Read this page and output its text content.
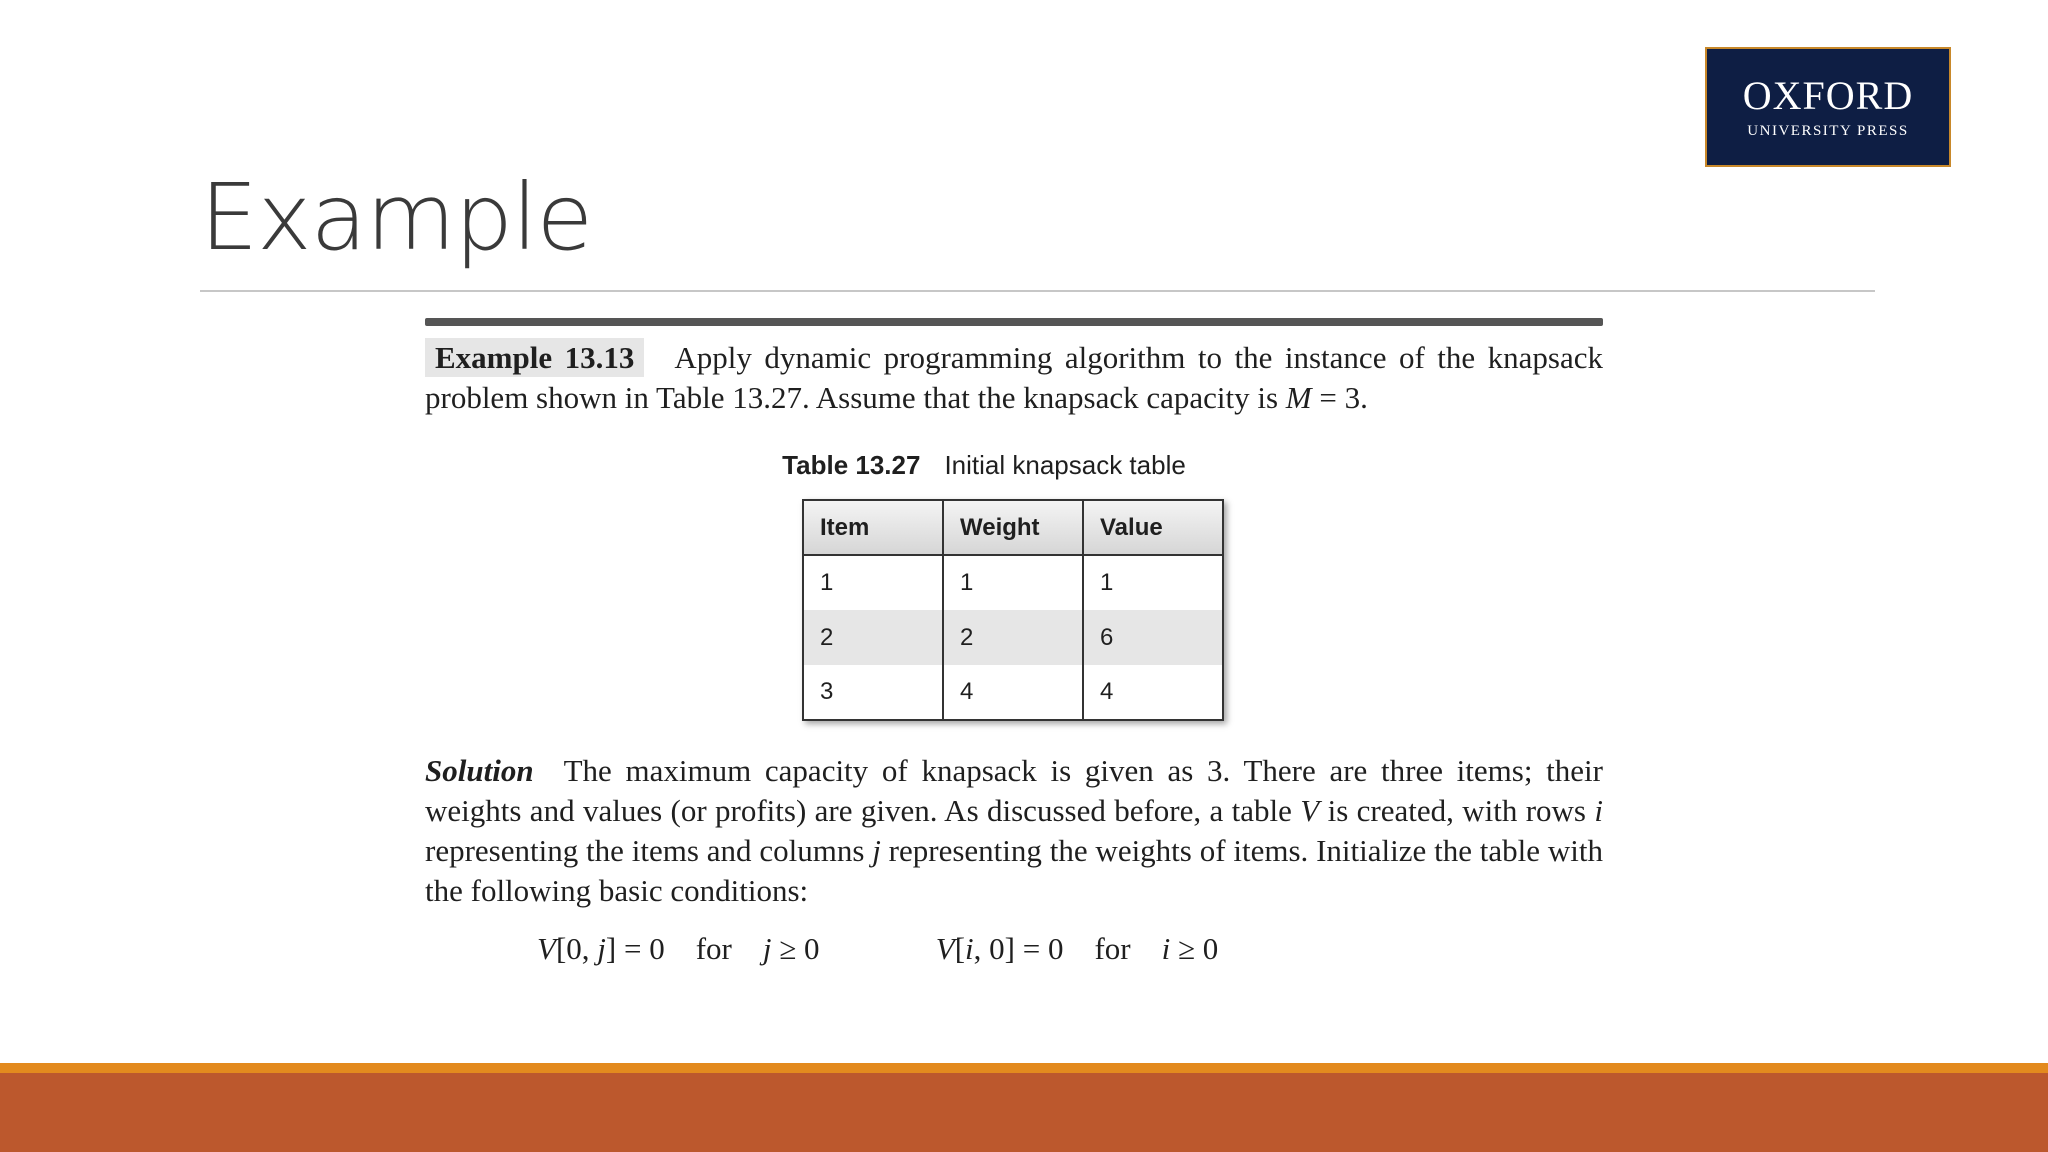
OXFORD
UNIVERSITY PRESS
Example

Example 13.13 Apply dynamic programming algorithm to the instance of the knapsack problem shown in Table 13.27. Assume that the knapsack capacity is M = 3.

Table 13.27 Initial knapsack table
Item	Weight	Value
1	1	1
2	2	6
3	4	4

Solution The maximum capacity of knapsack is given as 3. There are three items; their weights and values (or profits) are given. As discussed before, a table V is created, with rows i representing the items and columns j representing the weights of items. Initialize the table with the following basic conditions:

V[0, j] = 0 for j ≥ 0	V[i, 0] = 0 for i ≥ 0
